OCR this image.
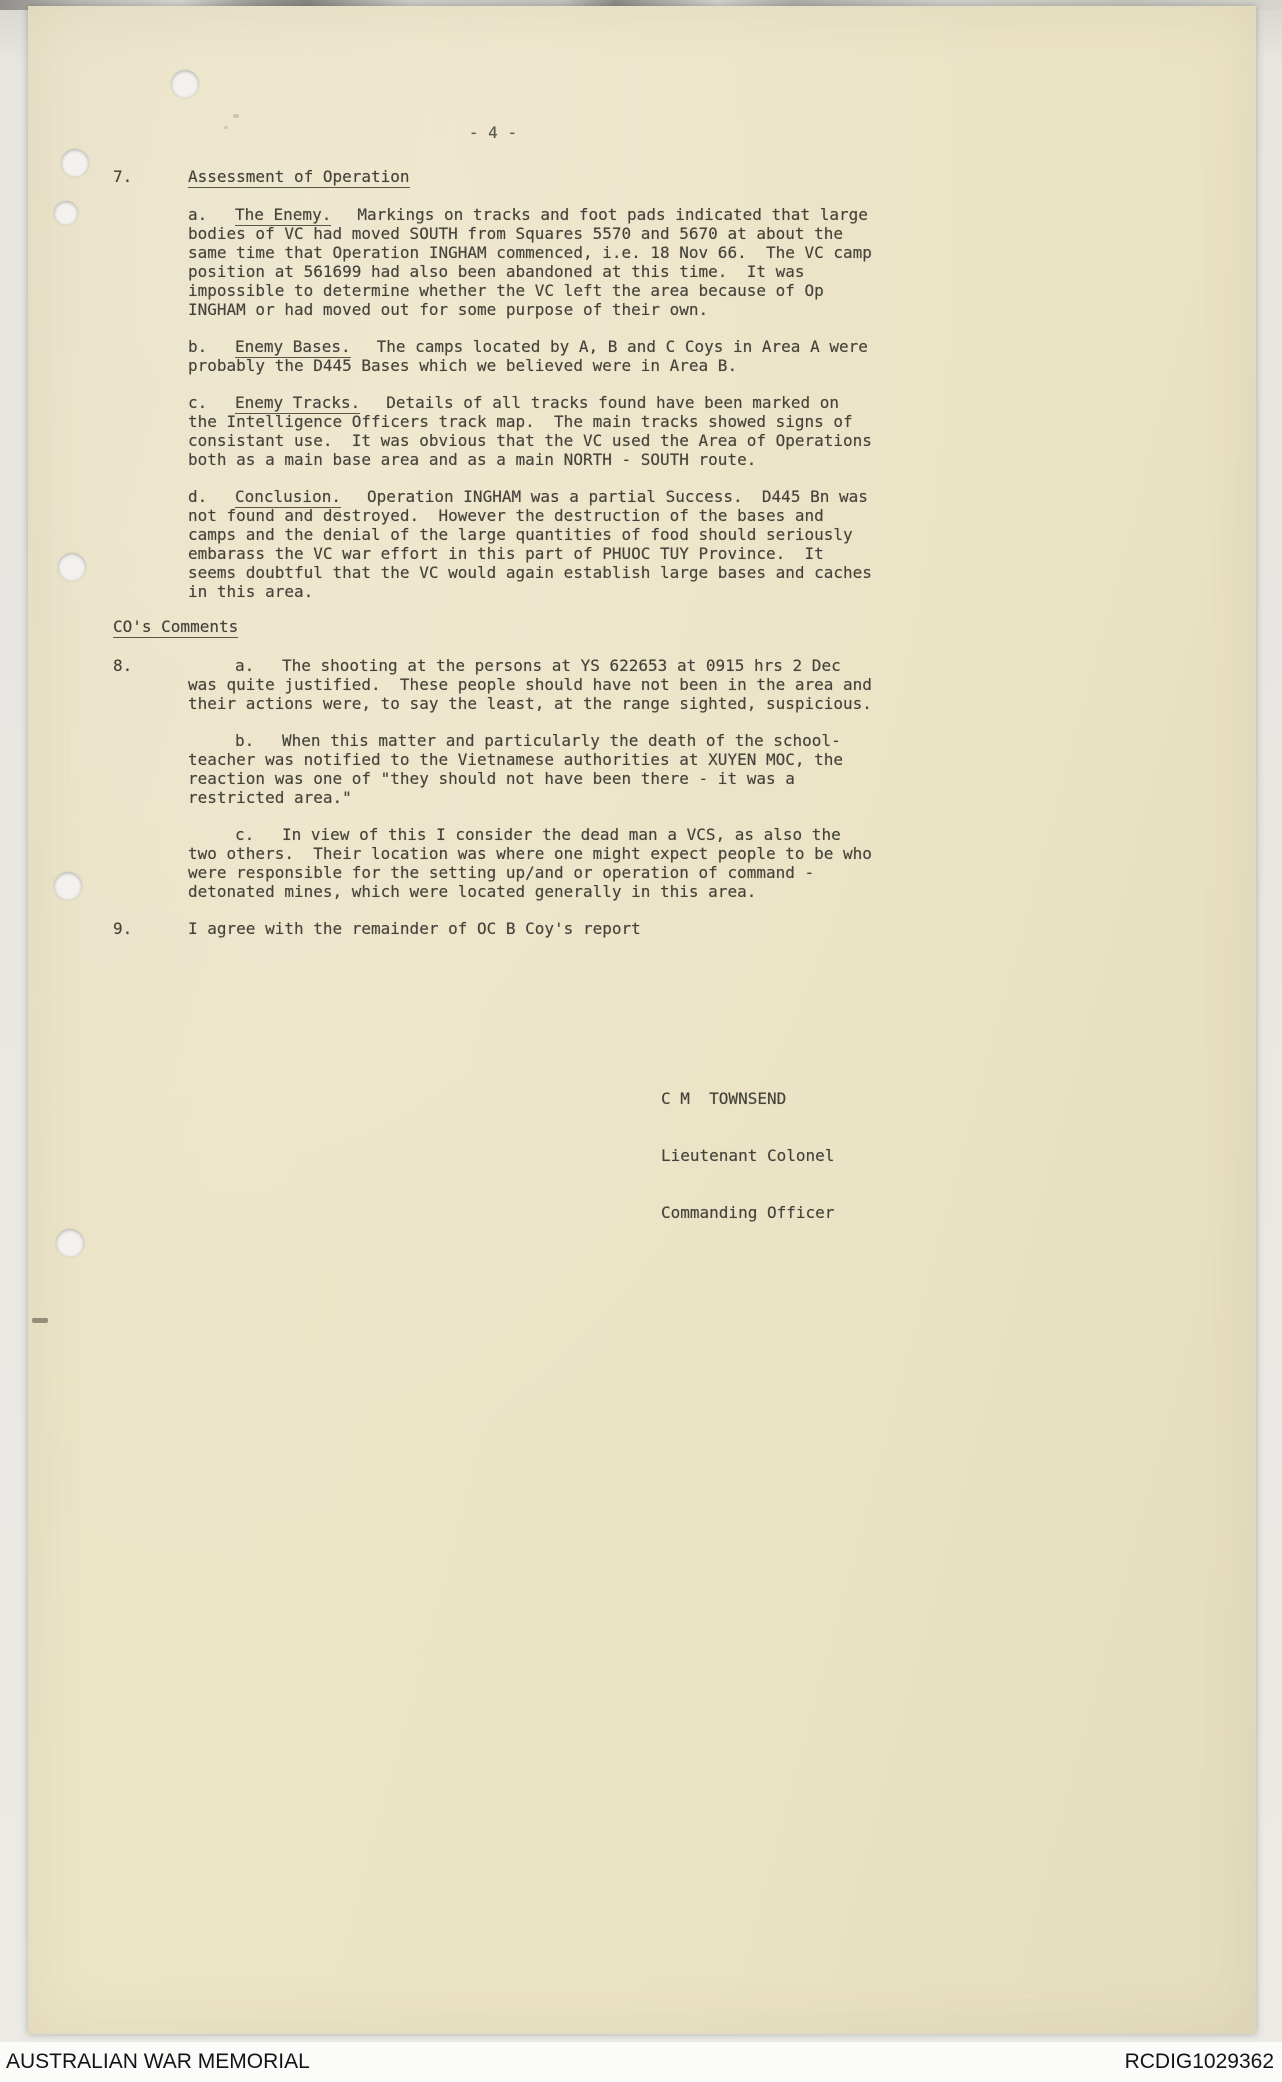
- 4 -
7.	Assessment of Operation

a. The Enemy. Markings on tracks and foot pads indicated that large bodies of VC had moved SOUTH from Squares 5570 and 5670 at about the same time that Operation INGHAM commenced, i.e. 18 Nov 66.  The VC camp position at 561699 had also been abandoned at this time.  It was impossible to determine whether the VC left the area because of Op INGHAM or had moved out for some purpose of their own.

b. Enemy Bases. The camps located by A, B and C Coys in Area A were probably the D445 Bases which we believed were in Area B.

c. Enemy Tracks. Details of all tracks found have been marked on the Intelligence Officers track map.  The main tracks showed signs of consistant use.  It was obvious that the VC used the Area of Operations both as a main base area and as a main NORTH - SOUTH route.

d. Conclusion. Operation INGHAM was a partial Success.  D445 Bn was not found and destroyed.  However the destruction of the bases and camps and the denial of the large quantities of food should seriously embarass the VC war effort in this part of PHUOC TUY Province.  It seems doubtful that the VC would again establish large bases and caches in this area.

CO's Comments
8.	a. The shooting at the persons at YS 622653 at 0915 hrs 2 Dec was quite justified.  These people should have not been in the area and their actions were, to say the least, at the range sighted, suspicious.

b. When this matter and particularly the death of the school-teacher was notified to the Vietnamese authorities at XUYEN MOC, the reaction was one of "they should not have been there - it was a restricted area."

c. In view of this I consider the dead man a VCS, as also the two others.  Their location was where one might expect people to be who were responsible for the setting up/and or operation of command - detonated mines, which were located generally in this area.

9.	I agree with the remainder of OC B Coy's report

C M  TOWNSEND

Lieutenant Colonel

Commanding Officer

AUSTRALIAN WAR MEMORIAL	RCDIG1029362
